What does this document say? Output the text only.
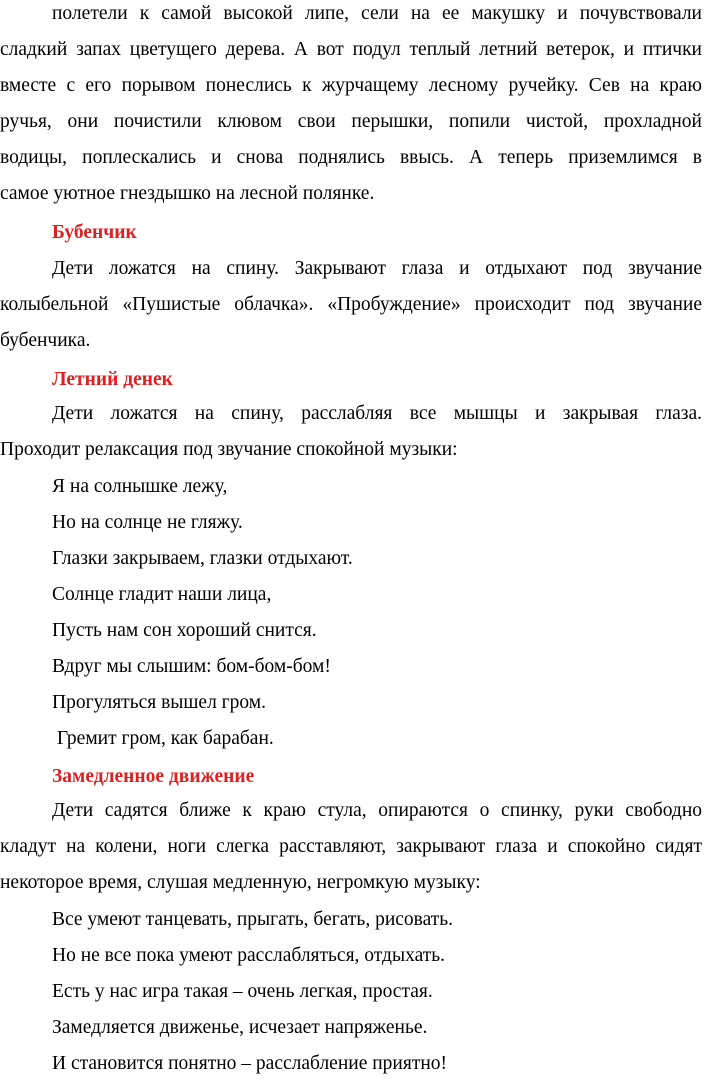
полетели к самой высокой липе, сели на ее макушку и почувствовали
сладкий запах цветущего дерева. А вот подул теплый летний ветерок, и птички
вместе с его порывом понеслись к журчащему лесному ручейку. Сев на краю
ручья, они почистили клювом свои перышки, попили чистой, прохладной
водицы, поплескались и снова поднялись ввысь. А теперь приземлимся в
самое уютное гнездышко на лесной полянке.
Бубенчик
Дети ложатся на спину. Закрывают глаза и отдыхают под звучание
колыбельной «Пушистые облачка». «Пробуждение» происходит под звучание
бубенчика.
Летний денек
Дети ложатся на спину, расслабляя все мышцы и закрывая глаза.
Проходит релаксация под звучание спокойной музыки:
Я на солнышке лежу,
Но на солнце не гляжу.
Глазки закрываем, глазки отдыхают.
Солнце гладит наши лица,
Пусть нам сон хороший снится.
Вдруг мы слышим: бом-бом-бом!
Прогуляться вышел гром.
Гремит гром, как барабан.
Замедленное движение
Дети садятся ближе к краю стула, опираются о спинку, руки свободно
кладут на колени, ноги слегка расставляют, закрывают глаза и спокойно сидят
некоторое время, слушая медленную, негромкую музыку:
Все умеют танцевать, прыгать, бегать, рисовать.
Но не все пока умеют расслабляться, отдыхать.
Есть у нас игра такая – очень легкая, простая.
Замедляется движенье, исчезает напряженье.
И становится понятно – расслабление приятно!
